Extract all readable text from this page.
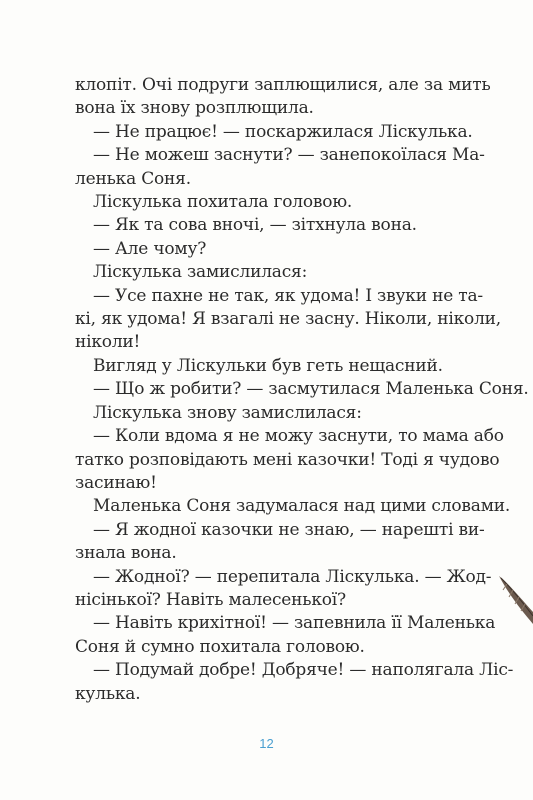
клопіт. Очі подруги заплющилися, але за мить
вона їх знову розплющила.
— Не працює! — поскаржилася Ліскулька.
— Не можеш заснути? — занепокоїлася Ма-
ленька Соня.
Ліскулька похитала головою.
— Як та сова вночі, — зітхнула вона.
— Але чому?
Ліскулька замислилася:
— Усе пахне не так, як удома! І звуки не та-
кі, як удома! Я взагалі не засну. Ніколи, ніколи,
ніколи!
Вигляд у Ліскульки був геть нещасний.
— Що ж робити? — засмутилася Маленька Соня.
Ліскулька знову замислилася:
— Коли вдома я не можу заснути, то мама або
татко розповідають мені казочки! Тоді я чудово
засинаю!
Маленька Соня задумалася над цими словами.
— Я жодної казочки не знаю, — нарешті ви-
знала вона.
— Жодної? — перепитала Ліскулька. — Жод-
нісінької? Навіть малесенької?
— Навіть крихітної! — запевнила її Маленька
Соня й сумно похитала головою.
— Подумай добре! Добряче! — наполягала Ліс-
кулька.
12
